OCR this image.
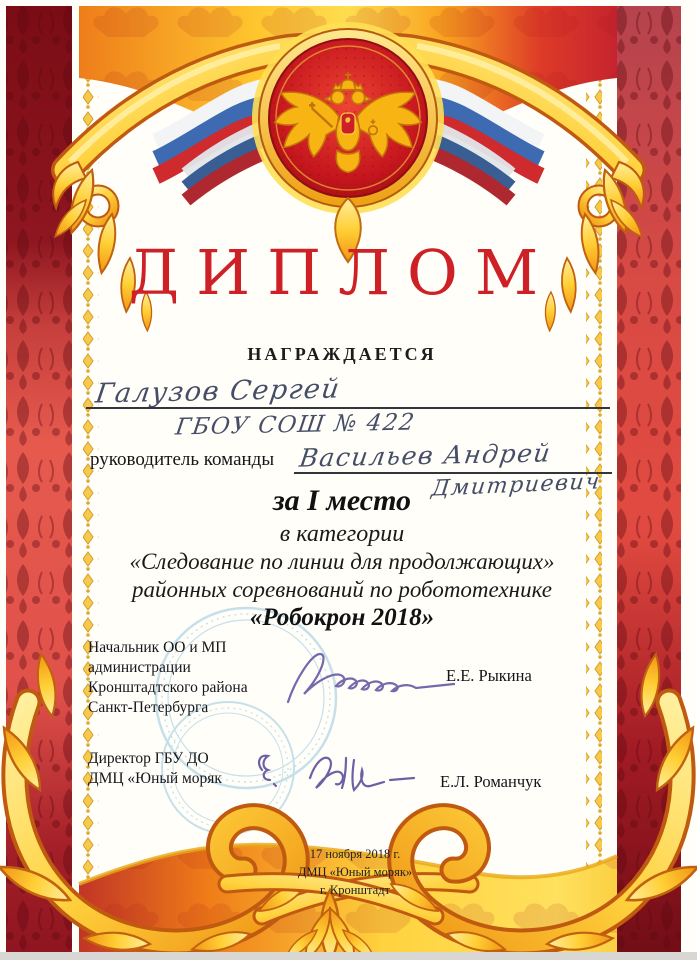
ДИПЛОМ
НАГРАЖДАЕТСЯ
Галузов Сергей
ГБОУ СОШ № 422
руководитель команды Васильев Андрей
Дмитриевич
за I место
в категории
«Следование по линии для продолжающих»
районных соревнований по робототехнике
«Робокрон 2018»
Начальник ОО и МП
администрации
Кронштадтского района
Санкт-Петербурга
Е.Е. Рыкина
Директор ГБУ ДО
ДМЦ «Юный моряк	Е.Л. Романчук
17 ноября 2018 г.
ДМЦ «Юный моряк»
г. Кронштадт
